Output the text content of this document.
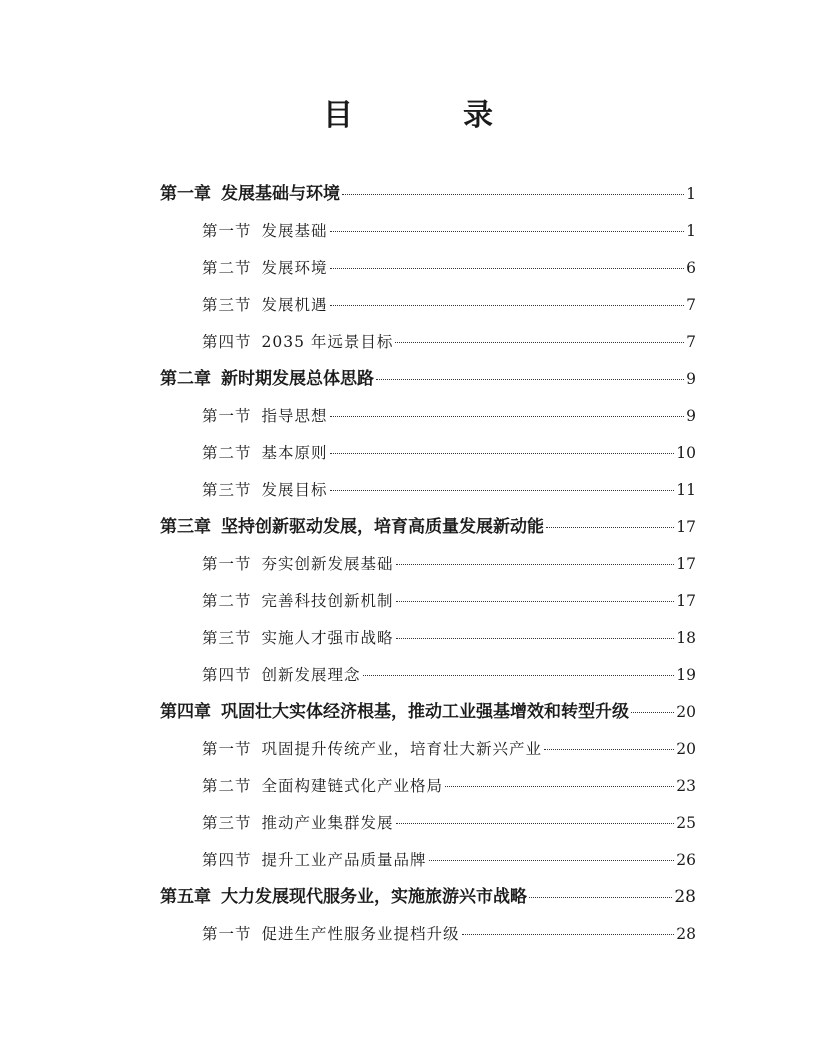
目　录
第一章 发展基础与环境	1
第一节 发展基础	1
第二节 发展环境	6
第三节 发展机遇	7
第四节 2035 年远景目标	7
第二章 新时期发展总体思路	9
第一节 指导思想	9
第二节 基本原则	10
第三节 发展目标	11
第三章 坚持创新驱动发展，培育高质量发展新动能	17
第一节 夯实创新发展基础	17
第二节 完善科技创新机制	17
第三节 实施人才强市战略	18
第四节 创新发展理念	19
第四章 巩固壮大实体经济根基，推动工业强基增效和转型升级	20
第一节 巩固提升传统产业，培育壮大新兴产业	20
第二节 全面构建链式化产业格局	23
第三节 推动产业集群发展	25
第四节 提升工业产品质量品牌	26
第五章 大力发展现代服务业，实施旅游兴市战略	28
第一节 促进生产性服务业提档升级	28
